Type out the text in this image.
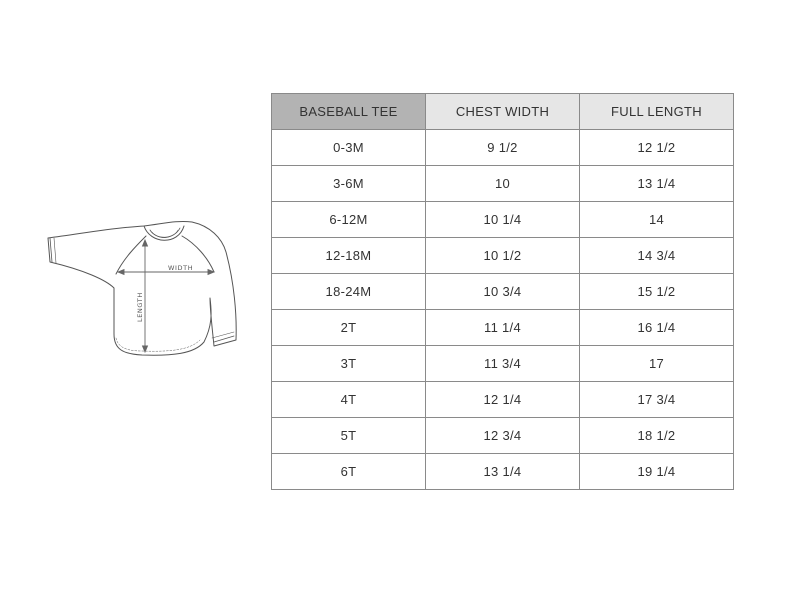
WIDTH
LENGTH
BASEBALL TEE	CHEST WIDTH	FULL LENGTH
0-3M	9 1/2	12 1/2
3-6M	10	13 1/4
6-12M	10 1/4	14
12-18M	10 1/2	14 3/4
18-24M	10 3/4	15 1/2
2T	11 1/4	16 1/4
3T	11 3/4	17
4T	12 1/4	17 3/4
5T	12 3/4	18 1/2
6T	13 1/4	19 1/4
